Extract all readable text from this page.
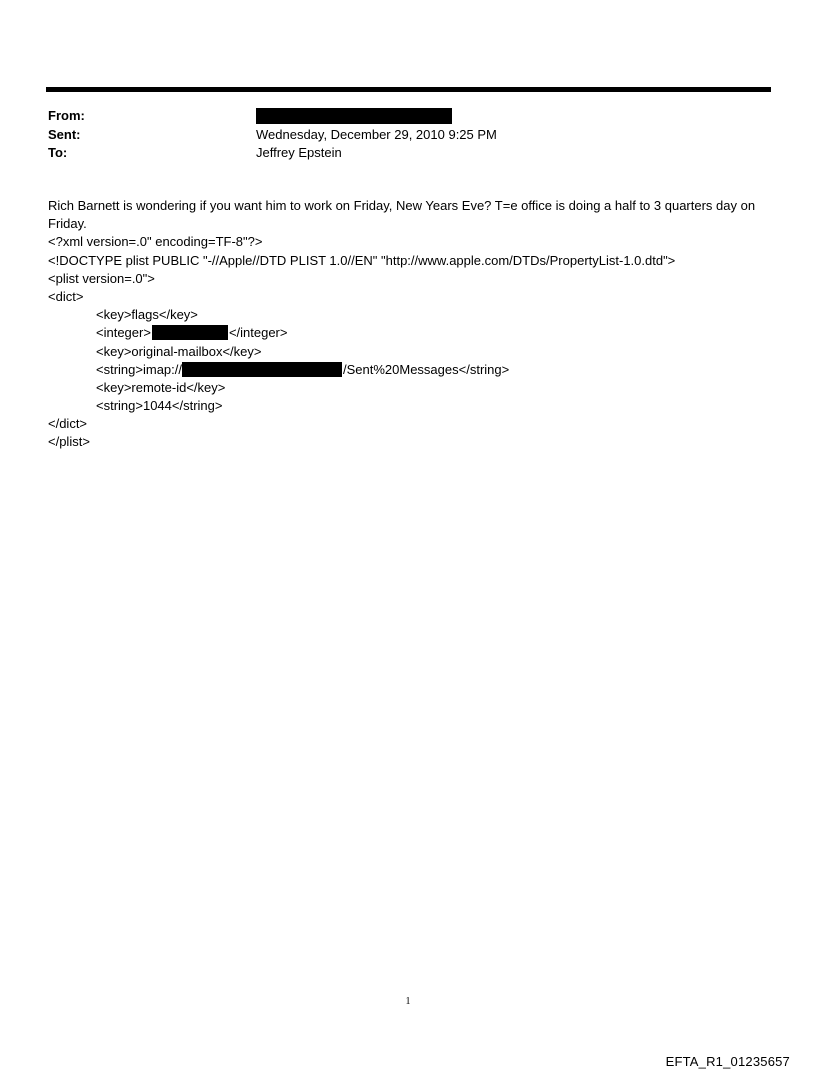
From:
Sent:	Wednesday, December 29, 2010 9:25 PM
To:	Jeffrey Epstein
Rich Barnett is wondering if you want him to work on Friday, New Years Eve? T=e office is doing a half to 3 quarters day on Friday.
<?xml version=.0" encoding=TF-8"?>
<!DOCTYPE plist PUBLIC "-//Apple//DTD PLIST 1.0//EN" "http://www.apple.com/DTDs/PropertyList-1.0.dtd">
<plist version=.0">
<dict>
<key>flags</key>
<integer>	</integer>
<key>original-mailbox</key>
<string>imap://	/Sent%20Messages</string>
<key>remote-id</key>
<string>1044</string>
</dict>
</plist>
1
EFTA_R1_01235657
